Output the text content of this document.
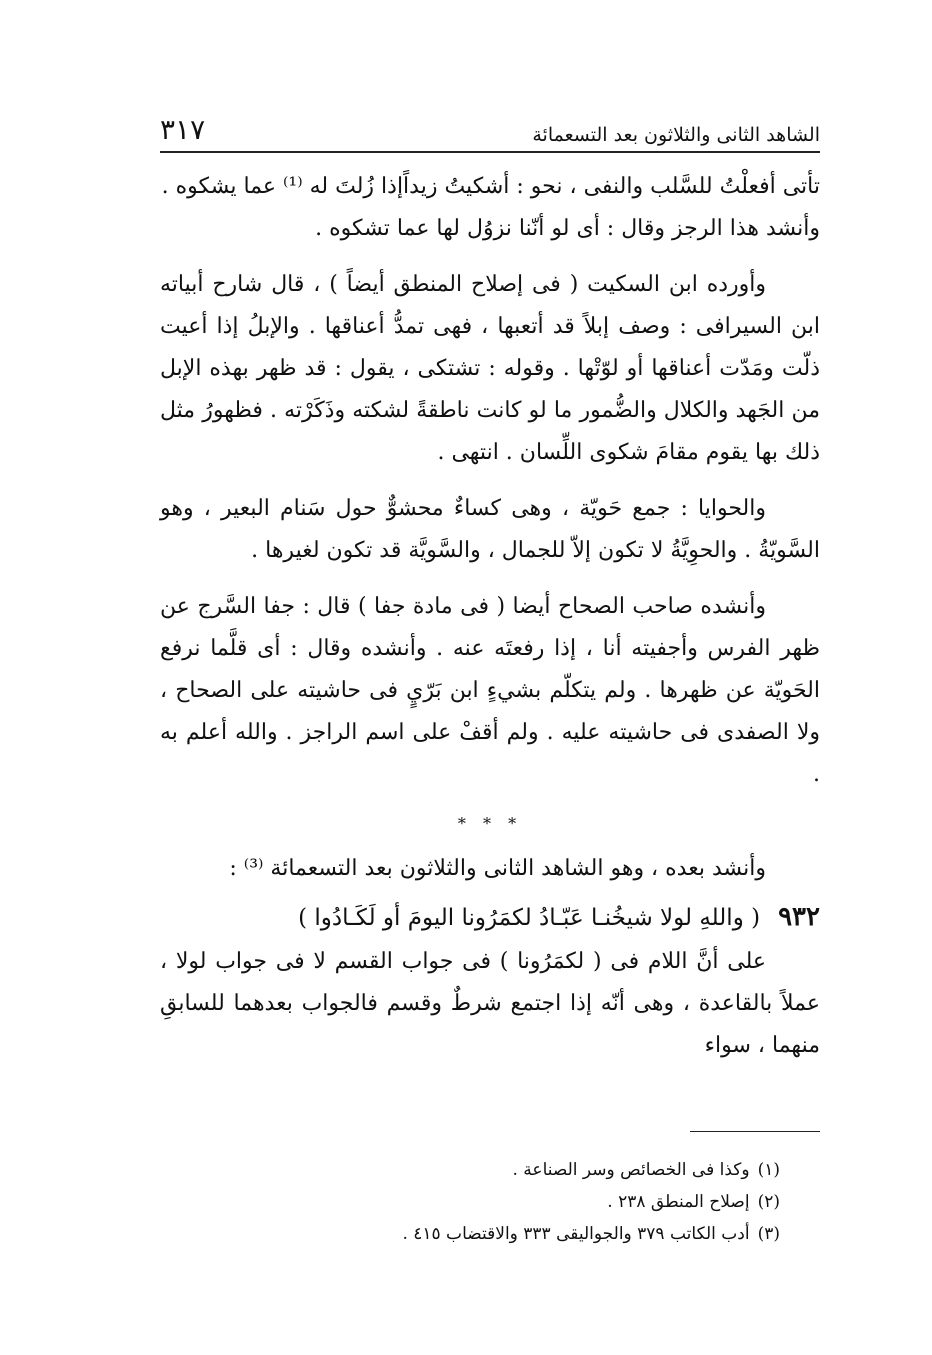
الشاهد الثانى والثلاثون بعد التسعمائة
٣١٧

تأتى أفعلْتُ للسَّلب والنفى ، نحو : أشكيتُ زيداًإذا زُلتَ له ⁽¹⁾ عما يشكوه .

وأنشد هذا الرجز وقال : أى لو أنّنا نزوُل لها عما تشكوه .

وأورده ابن السكيت ( فى إصلاح المنطق أيضاً ) ، قال شارح أبياته ابن السيرافى : وصف إبلاً قد أتعبها ، فهى تمدُّ أعناقها . والإبلُ إذا أعيت ذلّت ومَدّت أعناقها أو لوّتْها . وقوله : تشتكى ، يقول : قد ظهر بهذه الإبل من الجَهد والكلال والضُّمور ما لو كانت ناطقةً لشكته وذَكَرْته . فظهورُ مثل ذلك بها يقوم مقامَ شكوى اللِّسان . انتهى .

والحوايا : جمع حَويّة ، وهى كساءٌ محشوٌّ حول سَنام البعير ، وهو السَّويّةُ . والحوِيَّةُ لا تكون إلاّ للجمال ، والسَّويَّة قد تكون لغيرها .

وأنشده صاحب الصحاح أيضا ( فى مادة جفا ) قال : جفا السَّرج عن ظهر الفرس وأجفيته أنا ، إذا رفعتَه عنه . وأنشده وقال : أى قلَّما نرفع الحَويّة عن ظهرها . ولم يتكلّم بشيءٍ ابن بَرّيٍ فى حاشيته على الصحاح ، ولا الصفدى فى حاشيته عليه . ولم أقفْ على اسم الراجز . والله أعلم به .

* * *

وأنشد بعده ، وهو الشاهد الثانى والثلاثون بعد التسعمائة ⁽³⁾ :

٩٣٢
( واللهِ لولا شيخُنـا عَبّـادُ لكمَرُونا اليومَ أو لَكَـادُوا )

على أنَّ اللام فى ( لكمَرُونا ) فى جواب القسم لا فى جواب لولا ، عملاً بالقاعدة ، وهى أنّه إذا اجتمع شرطٌ وقسم فالجواب بعدهما للسابقِ منهما ، سواء

(١)وكذا فى الخصائص وسر الصناعة .

(٢)إصلاح المنطق ٢٣٨ .

(٣)أدب الكاتب ٣٧٩ والجواليقى ٣٣٣ والاقتضاب ٤١٥ .
